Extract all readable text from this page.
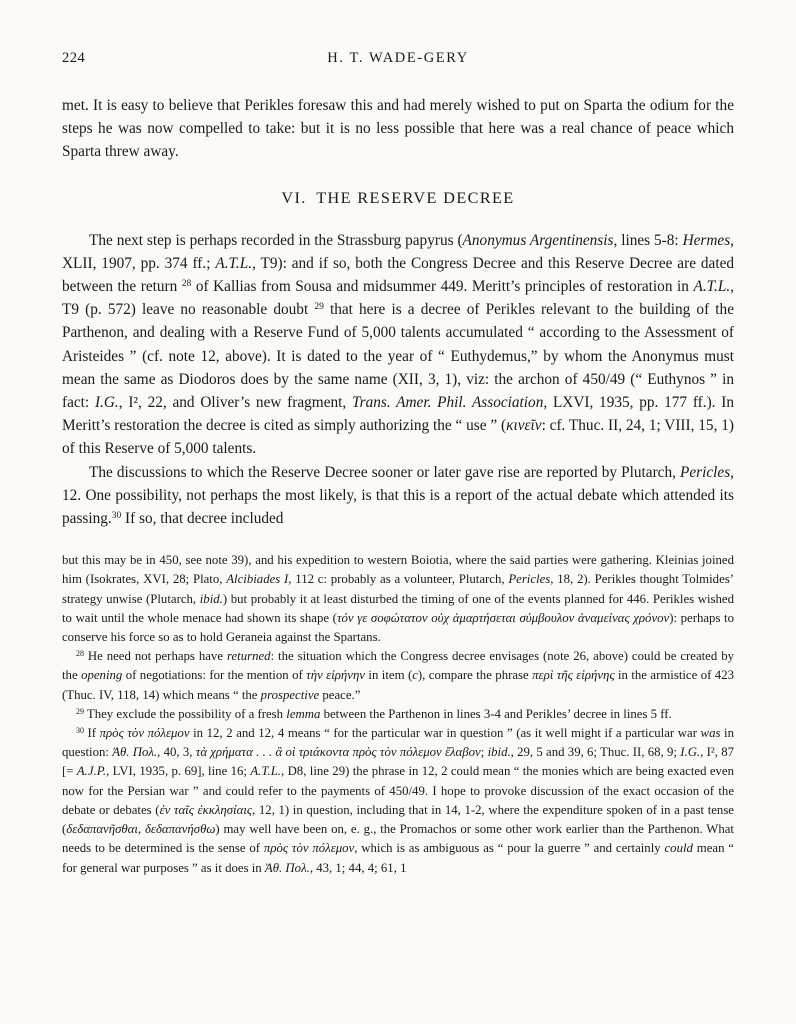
224	H. T. WADE-GERY

met. It is easy to believe that Perikles foresaw this and had merely wished to put on Sparta the odium for the steps he was now compelled to take: but it is no less possible that here was a real chance of peace which Sparta threw away.

VI. THE RESERVE DECREE

The next step is perhaps recorded in the Strassburg papyrus (Anonymus Argentinensis, lines 5-8: Hermes, XLII, 1907, pp. 374 ff.; A.T.L., T9): and if so, both the Congress Decree and this Reserve Decree are dated between the return $^{28}$ of Kallias from Sousa and midsummer 449. Meritt’s principles of restoration in A.T.L., T9 (p. 572) leave no reasonable doubt $^{29}$ that here is a decree of Perikles relevant to the building of the Parthenon, and dealing with a Reserve Fund of 5,000 talents accumulated “ according to the Assessment of Aristeides ” (cf. note 12, above). It is dated to the year of “ Euthydemus,” by whom the Anonymus must mean the same as Diodoros does by the same name (XII, 3, 1), viz: the archon of 450/49 (“ Euthynos ” in fact: I.G., I², 22, and Oliver’s new fragment, Trans. Amer. Phil. Association, LXVI, 1935, pp. 177 ff.). In Meritt’s restoration the decree is cited as simply authorizing the “ use ” (κινεῖν: cf. Thuc. II, 24, 1; VIII, 15, 1) of this Reserve of 5,000 talents.

The discussions to which the Reserve Decree sooner or later gave rise are reported by Plutarch, Pericles, 12. One possibility, not perhaps the most likely, is that this is a report of the actual debate which attended its passing.$^{30}$ If so, that decree included

but this may be in 450, see note 39), and his expedition to western Boiotia, where the said parties were gathering. Kleinias joined him (Isokrates, XVI, 28; Plato, Alcibiades I, 112 c: probably as a volunteer, Plutarch, Pericles, 18, 2). Perikles thought Tolmides’ strategy unwise (Plutarch, ibid.) but probably it at least disturbed the timing of one of the events planned for 446. Perikles wished to wait until the whole menace had shown its shape (τόν γε σοφώτατον οὐχ ἁμαρτήσεται σύμβουλον ἀναμείνας χρόνον): perhaps to conserve his force so as to hold Geraneia against the Spartans.

$^{28}$ He need not perhaps have returned: the situation which the Congress decree envisages (note 26, above) could be created by the opening of negotiations: for the mention of τὴν εἰρήνην in item (c), compare the phrase περὶ τῆς εἰρήνης in the armistice of 423 (Thuc. IV, 118, 14) which means “ the prospective peace.”

$^{29}$ They exclude the possibility of a fresh lemma between the Parthenon in lines 3-4 and Perikles’ decree in lines 5 ff.

$^{30}$ If πρὸς τὸν πόλεμον in 12, 2 and 12, 4 means “ for the particular war in question ” (as it well might if a particular war was in question: Ἀθ. Πολ., 40, 3, τὰ χρήματα . . . ἃ οἱ τριάκοντα πρὸς τὸν πόλεμον ἔλαβον; ibid., 29, 5 and 39, 6; Thuc. II, 68, 9; I.G., I², 87 [= A.J.P., LVI, 1935, p. 69], line 16; A.T.L., D8, line 29) the phrase in 12, 2 could mean “ the monies which are being exacted even now for the Persian war ” and could refer to the payments of 450/49. I hope to provoke discussion of the exact occasion of the debate or debates (ἐν ταῖς ἐκκλησίαις, 12, 1) in question, including that in 14, 1-2, where the expenditure spoken of in a past tense (δεδαπανῆσθαι, δεδαπανήσθω) may well have been on, e. g., the Promachos or some other work earlier than the Parthenon. What needs to be determined is the sense of πρὸς τὸν πόλεμον, which is as ambiguous as “ pour la guerre ” and certainly could mean “ for general war purposes ” as it does in Ἀθ. Πολ., 43, 1; 44, 4; 61, 1
